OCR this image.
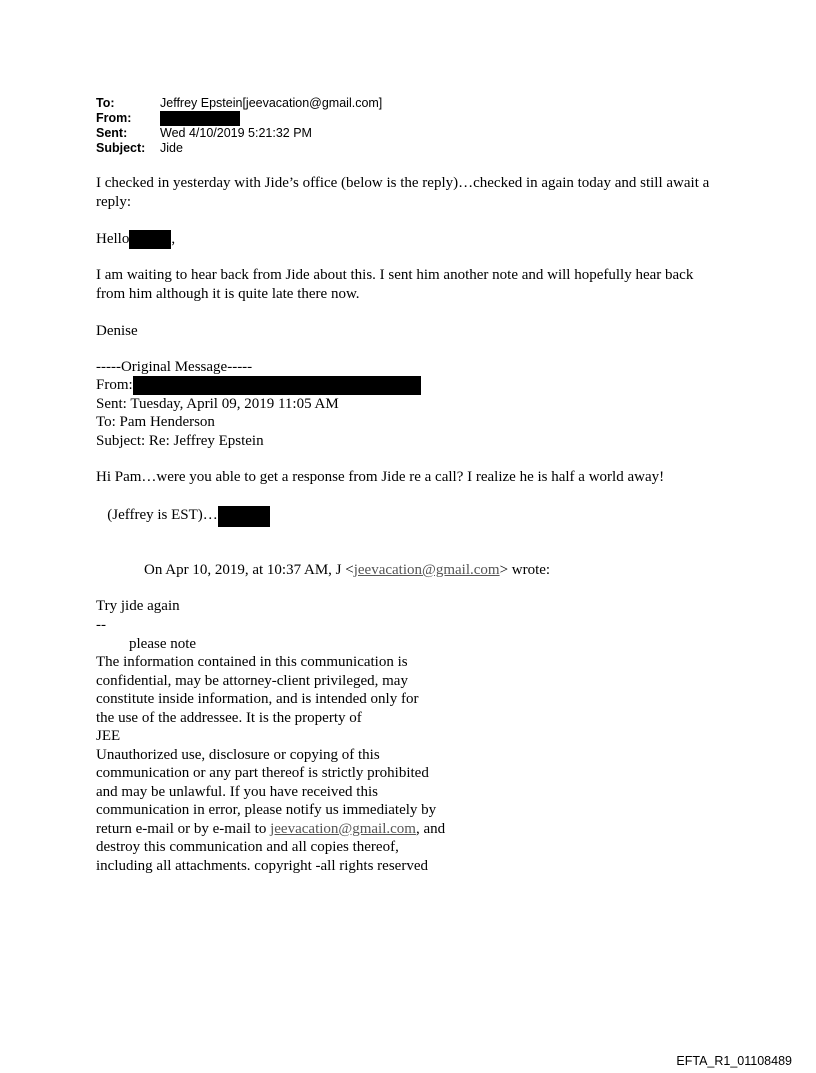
To:	Jeffrey Epstein[jeevacation@gmail.com]
From:
Sent:	Wed 4/10/2019 5:21:32 PM
Subject:	Jide
I checked in yesterday with Jide’s office (below is the reply)…checked in again today and still await a reply:
Hello	,
I am waiting to hear back from Jide about this. I sent him another note and will hopefully hear back from him although it is quite late there now.
Denise
-----Original Message-----
From:
Sent: Tuesday, April 09, 2019 11:05 AM
To: Pam Henderson
Subject: Re: Jeffrey Epstein
Hi Pam…were you able to get a response from Jide re a call? I realize he is half a world away!

(Jeffrey is EST)…

On Apr 10, 2019, at 10:37 AM, J <jeevacation@gmail.com> wrote:
Try jide again
--
please note
The information contained in this communication is
confidential, may be attorney-client privileged, may
constitute inside information, and is intended only for
the use of the addressee. It is the property of
JEE
Unauthorized use, disclosure or copying of this
communication or any part thereof is strictly prohibited
and may be unlawful. If you have received this
communication in error, please notify us immediately by
return e-mail or by e-mail to jeevacation@gmail.com, and
destroy this communication and all copies thereof,
including all attachments. copyright -all rights reserved
EFTA_R1_01108489
